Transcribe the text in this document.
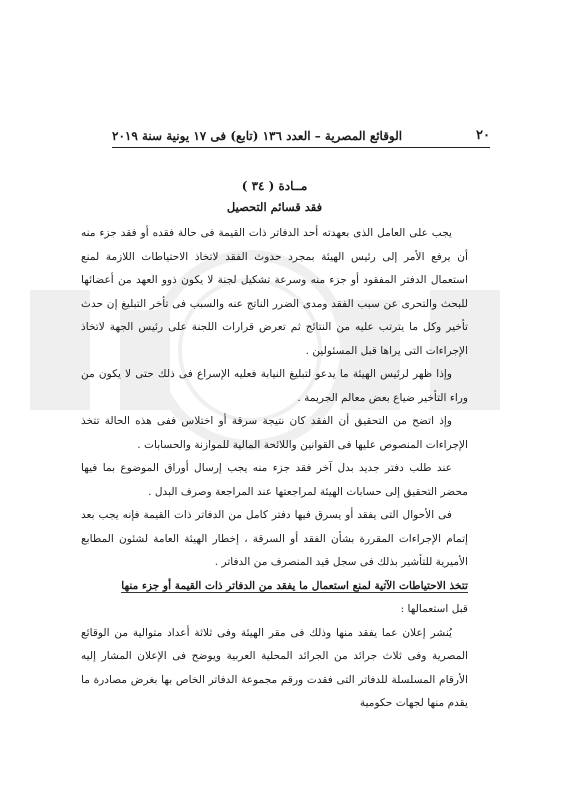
٢٠
الوقائع المصرية – العدد ١٣٦ (تابع) فى ١٧ يونية سنة ٢٠١٩

مــادة ( ٣٤ )

فقد قسائم التحصيل

يجب على العامل الذى بعهدته أحد الدفاتر ذات القيمة فى حالة فقده أو فقد جزء منه أن يرفع الأمر إلى رئيس الهيئة بمجرد حدوث الفقد لاتخاذ الاحتياطات اللازمة لمنع استعمال الدفتر المفقود أو جزء منه وسرعة تشكيل لجنة لا يكون ذوو العهد من أعضائها للبحث والتحرى عن سبب الفقد ومدى الضرر الناتج عنه والسبب فى تأخر التبليغ إن حدث تأخير وكل ما يترتب عليه من النتائج ثم تعرض قرارات اللجنة على رئيس الجهة لاتخاذ الإجراءات التى يراها قبل المسئولين .

وإذا ظهر لرئيس الهيئة ما يدعو لتبليغ النيابة فعليه الإسراع فى ذلك حتى لا يكون من وراء التأخير ضياع بعض معالم الجريمة .

وإذ اتضح من التحقيق أن الفقد كان نتيجة سرقة أو اختلاس ففى هذه الحالة تتخذ الإجراءات المنصوص عليها فى القوانين واللائحة المالية للموازنة والحسابات .

عند طلب دفتر جديد بدل آخر فقد جزء منه يجب إرسال أوراق الموضوع بما فيها محضر التحقيق إلى حسابات الهيئة لمراجعتها عند المراجعة وصرف البدل .

فى الأحوال التى يفقد أو يسرق فيها دفتر كامل من الدفاتر ذات القيمة فإنه يجب بعد إتمام الإجراءات المقررة بشأن الفقد أو السرقة ، إخطار الهيئة العامة لشئون المطابع الأميرية للتأشير بذلك فى سجل قيد المنصرف من الدفاتر .

تتخذ الاحتياطات الآتية لمنع استعمال ما يفقد من الدفاتر ذات القيمة أو جزء منها

قبل استعمالها :

يُنشر إعلان عما يفقد منها وذلك فى مقر الهيئة وفى ثلاثة أعداد متوالية من الوقائع المصرية وفى ثلاث جرائد من الجرائد المحلية العربية ويوضح فى الإعلان المشار إليه الأرقام المسلسلة للدفاتر التى فقدت ورقم مجموعة الدفاتر الخاص بها بغرض مصادرة ما يقدم منها لجهات حكومية
